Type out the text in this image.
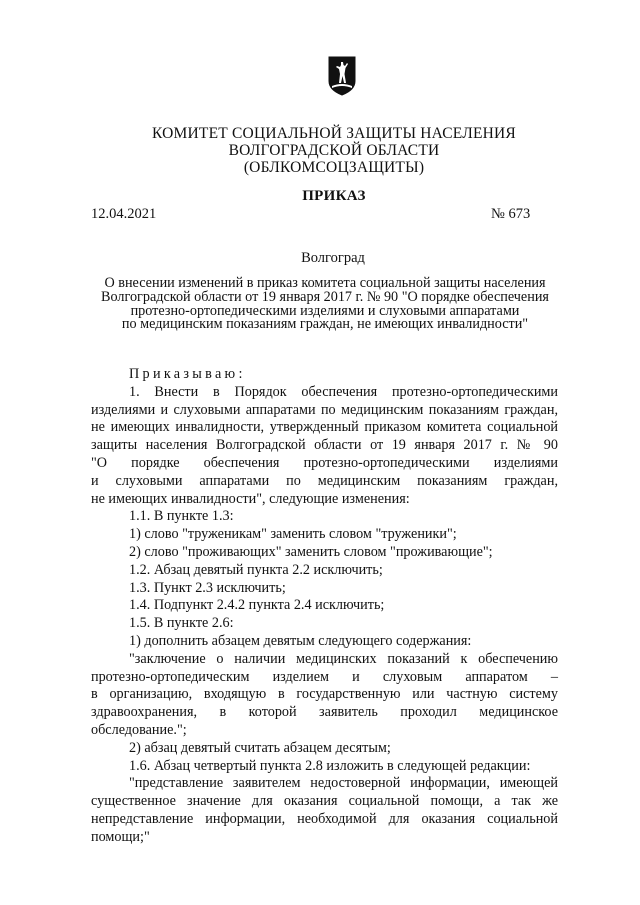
КОМИТЕТ СОЦИАЛЬНОЙ ЗАЩИТЫ НАСЕЛЕНИЯ
ВОЛГОГРАДСКОЙ ОБЛАСТИ
(ОБЛКОМСОЦЗАЩИТЫ)
ПРИКАЗ
12.04.2021	№ 673
Волгоград
О внесении изменений в приказ комитета социальной защиты населения
Волгоградской области от 19 января 2017 г. № 90 "О порядке обеспечения
протезно-ортопедическими изделиями и слуховыми аппаратами
по медицинским показаниям граждан, не имеющих инвалидности"

Приказываю:

1. Внести в Порядок обеспечения протезно-ортопедическими

изделиями и слуховыми аппаратами по медицинским показаниям граждан,

не имеющих инвалидности, утвержденный приказом комитета социальной

защиты населения Волгоградской области от 19 января 2017 г. № 90

"О порядке обеспечения протезно-ортопедическими изделиями

и слуховыми аппаратами по медицинским показаниям граждан,

не имеющих инвалидности", следующие изменения:

1.1. В пункте 1.3:

1) слово "труженикам" заменить словом "труженики";

2) слово "проживающих" заменить словом "проживающие";

1.2. Абзац девятый пункта 2.2 исключить;

1.3. Пункт 2.3 исключить;

1.4. Подпункт 2.4.2 пункта 2.4 исключить;

1.5. В пункте 2.6:

1) дополнить абзацем девятым следующего содержания:

"заключение о наличии медицинских показаний к обеспечению

протезно-ортопедическим изделием и слуховым аппаратом –

в организацию, входящую в государственную или частную систему

здравоохранения, в которой заявитель проходил медицинское

обследование.";

2) абзац девятый считать абзацем десятым;

1.6. Абзац четвертый пункта 2.8 изложить в следующей редакции:

"представление заявителем недостоверной информации, имеющей

существенное значение для оказания социальной помощи, а так же

непредставление информации, необходимой для оказания социальной

помощи;"
